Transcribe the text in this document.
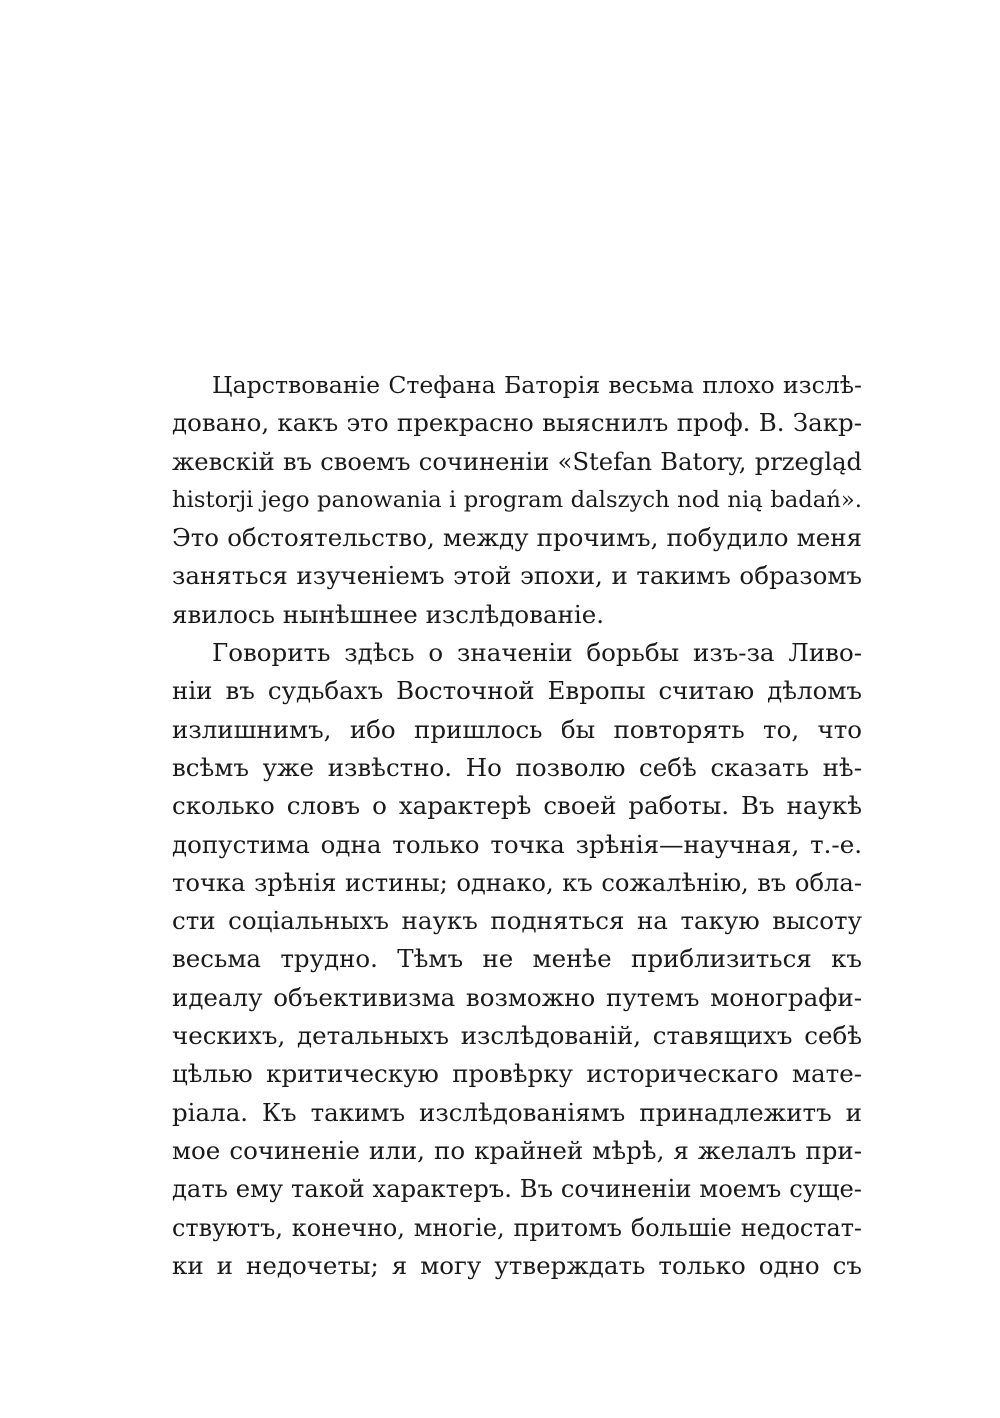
Царствованіе Стефана Баторія весьма плохо изслѣ-
довано, какъ это прекрасно выяснилъ проф. В. Закр-
жевскій въ своемъ сочиненіи «Stefan Batory, przegląd
historji jego panowania i program dalszych nod nią badań».
Это обстоятельство, между прочимъ, побудило меня
заняться изученіемъ этой эпохи, и такимъ образомъ
явилось нынѣшнее изслѣдованіе.
Говорить здѣсь о значеніи борьбы изъ-за Ливо-
ніи въ судьбахъ Восточной Европы считаю дѣломъ
излишнимъ, ибо пришлось бы повторять то, что
всѣмъ уже извѣстно. Но позволю себѣ сказать нѣ-
сколько словъ о характерѣ своей работы. Въ наукѣ
допустима одна только точка зрѣнія—научная, т.-е.
точка зрѣнія истины; однако, къ сожалѣнію, въ обла-
сти соціальныхъ наукъ подняться на такую высоту
весьма трудно. Тѣмъ не менѣе приблизиться къ
идеалу объективизма возможно путемъ монографи-
ческихъ, детальныхъ изслѣдованій, ставящихъ себѣ
цѣлью критическую провѣрку историческаго мате-
ріала. Къ такимъ изслѣдованіямъ принадлежитъ и
мое сочиненіе или, по крайней мѣрѣ, я желалъ при-
дать ему такой характеръ. Въ сочиненіи моемъ суще-
ствуютъ, конечно, многіе, притомъ большіе недостат-
ки и недочеты; я могу утверждать только одно съ
